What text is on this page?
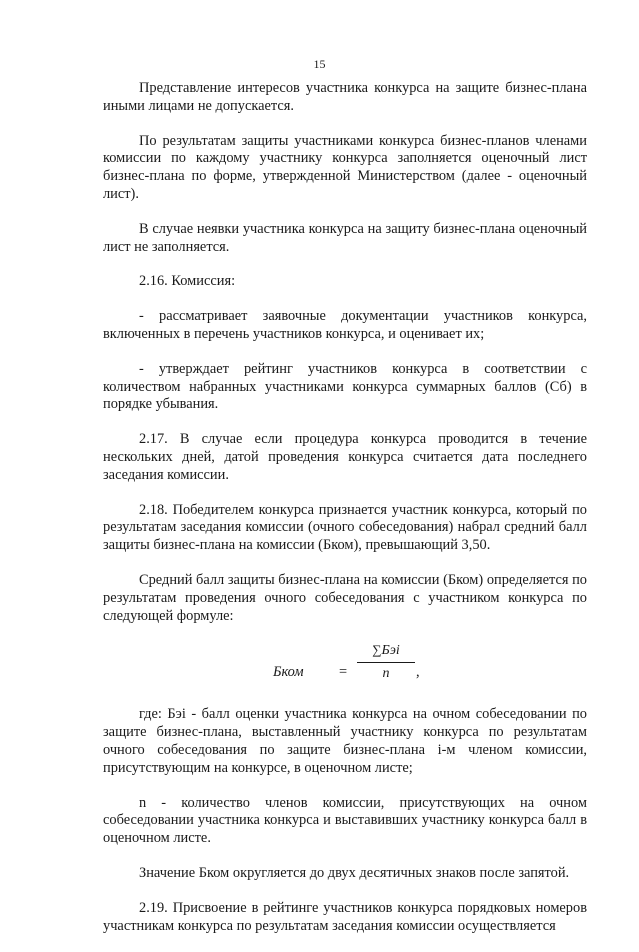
15

Представление интересов участника конкурса на защите бизнес-плана иными лицами не допускается.

По результатам защиты участниками конкурса бизнес-планов членами комиссии по каждому участнику конкурса заполняется оценочный лист бизнес-плана по форме, утвержденной Министерством (далее - оценочный лист).

В случае неявки участника конкурса на защиту бизнес-плана оценочный лист не заполняется.

2.16. Комиссия:

- рассматривает заявочные документации участников конкурса, включенных в перечень участников конкурса, и оценивает их;

- утверждает рейтинг участников конкурса в соответствии с количеством набранных участниками конкурса суммарных баллов (Сб) в порядке убывания.

2.17. В случае если процедура конкурса проводится в течение нескольких дней, датой проведения конкурса считается дата последнего заседания комиссии.

2.18. Победителем конкурса признается участник конкурса, который по результатам заседания комиссии (очного собеседования) набрал средний балл защиты бизнес-плана на комиссии (Бком), превышающий 3,50.

Средний балл защиты бизнес-плана на комиссии (Бком) определяется по результатам проведения очного собеседования с участником конкурса по следующей формуле:

Бком =
∑Бэi
n	,

где: Бэi - балл оценки участника конкурса на очном собеседовании по защите бизнес-плана, выставленный участнику конкурса по результатам очного собеседования по защите бизнес-плана i-м членом комиссии, присутствующим на конкурсе, в оценочном листе;

n - количество членов комиссии, присутствующих на очном собеседовании участника конкурса и выставивших участнику конкурса балл в оценочном листе.

Значение Бком округляется до двух десятичных знаков после запятой.

2.19. Присвоение в рейтинге участников конкурса порядковых номеров участникам конкурса по результатам заседания комиссии осуществляется
